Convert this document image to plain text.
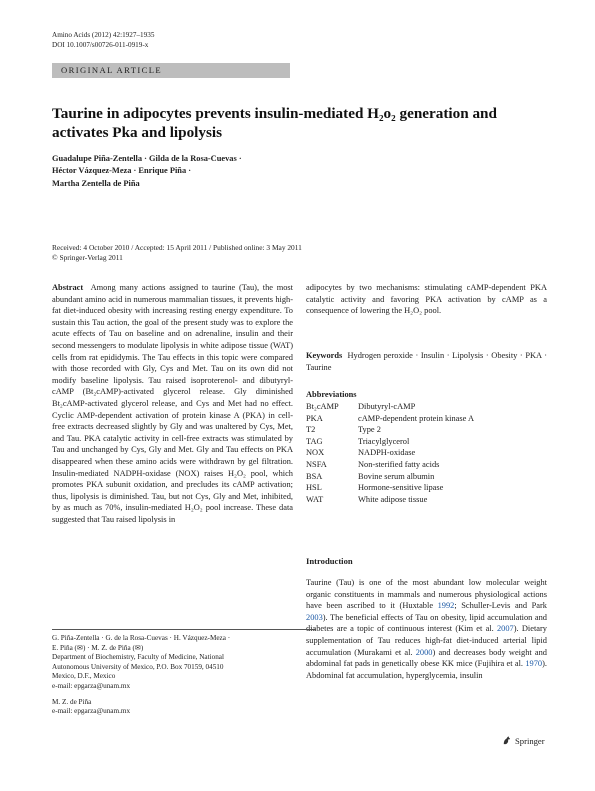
Amino Acids (2012) 42:1927–1935
DOI 10.1007/s00726-011-0919-x
ORIGINAL ARTICLE
Taurine in adipocytes prevents insulin-mediated H₂o₂ generation and activates Pka and lipolysis
Guadalupe Piña-Zentella · Gilda de la Rosa-Cuevas ·
Héctor Vázquez-Meza · Enrique Piña ·
Martha Zentella de Piña
Received: 4 October 2010 / Accepted: 15 April 2011 / Published online: 3 May 2011
© Springer-Verlag 2011
Abstract Among many actions assigned to taurine (Tau), the most abundant amino acid in numerous mammalian tissues, it prevents high-fat diet-induced obesity with increasing resting energy expenditure. To sustain this Tau action, the goal of the present study was to explore the acute effects of Tau on baseline and on adrenaline, insulin and their second messengers to modulate lipolysis in white adipose tissue (WAT) cells from rat epididymis. The Tau effects in this topic were compared with those recorded with Gly, Cys and Met. Tau on its own did not modify baseline lipolysis. Tau raised isoproterenol- and dibutyryl-cAMP (Bt₂cAMP)-activated glycerol release. Gly diminished Bt₂cAMP-activated glycerol release, and Cys and Met had no effect. Cyclic AMP-dependent activation of protein kinase A (PKA) in cell-free extracts decreased slightly by Gly and was unaltered by Cys, Met, and Tau. PKA catalytic activity in cell-free extracts was stimulated by Tau and unchanged by Cys, Gly and Met. Gly and Tau effects on PKA disappeared when these amino acids were withdrawn by gel filtration. Insulin-mediated NADPH-oxidase (NOX) raises H₂O₂ pool, which promotes PKA subunit oxidation, and precludes its cAMP activation; thus, lipolysis is diminished. Tau, but not Cys, Gly and Met, inhibited, by as much as 70%, insulin-mediated H₂O₂ pool increase. These data suggested that Tau raised lipolysis in
adipocytes by two mechanisms: stimulating cAMP-dependent PKA catalytic activity and favoring PKA activation by cAMP as a consequence of lowering the H₂O₂ pool.
Keywords Hydrogen peroxide · Insulin · Lipolysis · Obesity · PKA · Taurine
Abbreviations
Bt₂cAMP	Dibutyryl-cAMP
PKA	cAMP-dependent protein kinase A
T2	Type 2
TAG	Triacylglycerol
NOX	NADPH-oxidase
NSFA	Non-sterified fatty acids
BSA	Bovine serum albumin
HSL	Hormone-sensitive lipase
WAT	White adipose tissue
Introduction
Taurine (Tau) is one of the most abundant low molecular weight organic constituents in mammals and numerous physiological actions have been ascribed to it (Huxtable 1992; Schuller-Levis and Park 2003). The beneficial effects of Tau on obesity, lipid accumulation and diabetes are a topic of continuous interest (Kim et al. 2007). Dietary supplementation of Tau reduces high-fat diet-induced arterial lipid accumulation (Murakami et al. 2000) and decreases body weight and abdominal fat pads in genetically obese KK mice (Fujihira et al. 1970). Abdominal fat accumulation, hyperglycemia, insulin
G. Piña-Zentella · G. de la Rosa-Cuevas · H. Vázquez-Meza ·
E. Piña (✉) · M. Z. de Piña (✉)
Department of Biochemistry, Faculty of Medicine, National
Autonomous University of Mexico, P.O. Box 70159, 04510
Mexico, D.F., Mexico
e-mail: epgarza@unam.mx
M. Z. de Piña
e-mail: epgarza@unam.mx
Springer
